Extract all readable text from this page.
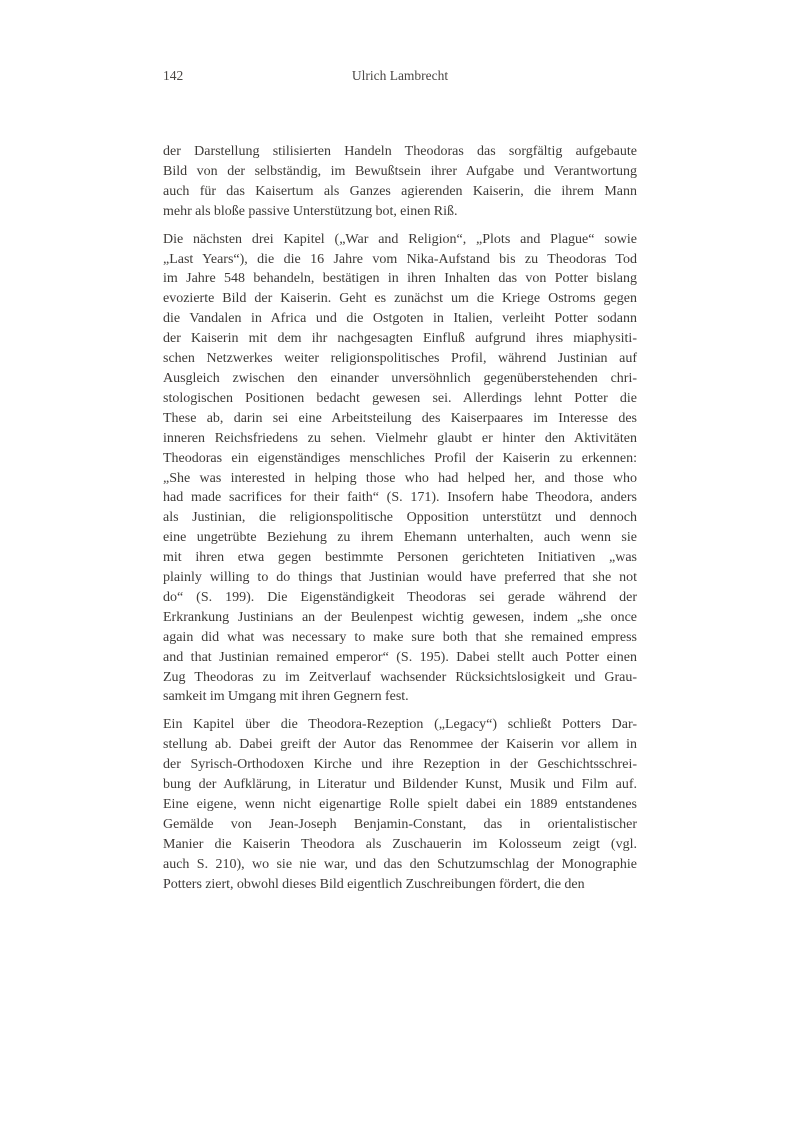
142	Ulrich Lambrecht

der Darstellung stilisierten Handeln Theodoras das sorgfältig aufgebaute
Bild von der selbständig, im Bewußtsein ihrer Aufgabe und Verantwortung
auch für das Kaisertum als Ganzes agierenden Kaiserin, die ihrem Mann
mehr als bloße passive Unterstützung bot, einen Riß.

Die nächsten drei Kapitel („War and Religion“, „Plots and Plague“ sowie
„Last Years“), die die 16 Jahre vom Nika-Aufstand bis zu Theodoras Tod
im Jahre 548 behandeln, bestätigen in ihren Inhalten das von Potter bislang
evozierte Bild der Kaiserin. Geht es zunächst um die Kriege Ostroms gegen
die Vandalen in Africa und die Ostgoten in Italien, verleiht Potter sodann
der Kaiserin mit dem ihr nachgesagten Einfluß aufgrund ihres miaphysiti-
schen Netzwerkes weiter religionspolitisches Profil, während Justinian auf
Ausgleich zwischen den einander unversöhnlich gegenüberstehenden chri-
stologischen Positionen bedacht gewesen sei. Allerdings lehnt Potter die
These ab, darin sei eine Arbeitsteilung des Kaiserpaares im Interesse des
inneren Reichsfriedens zu sehen. Vielmehr glaubt er hinter den Aktivitäten
Theodoras ein eigenständiges menschliches Profil der Kaiserin zu erkennen:
„She was interested in helping those who had helped her, and those who
had made sacrifices for their faith“ (S. 171). Insofern habe Theodora, anders
als Justinian, die religionspolitische Opposition unterstützt und dennoch
eine ungetrübte Beziehung zu ihrem Ehemann unterhalten, auch wenn sie
mit ihren etwa gegen bestimmte Personen gerichteten Initiativen „was
plainly willing to do things that Justinian would have preferred that she not
do“ (S. 199). Die Eigenständigkeit Theodoras sei gerade während der
Erkrankung Justinians an der Beulenpest wichtig gewesen, indem „she once
again did what was necessary to make sure both that she remained empress
and that Justinian remained emperor“ (S. 195). Dabei stellt auch Potter einen
Zug Theodoras zu im Zeitverlauf wachsender Rücksichtslosigkeit und Grau-
samkeit im Umgang mit ihren Gegnern fest.

Ein Kapitel über die Theodora-Rezeption („Legacy“) schließt Potters Dar-
stellung ab. Dabei greift der Autor das Renommee der Kaiserin vor allem in
der Syrisch-Orthodoxen Kirche und ihre Rezeption in der Geschichtsschrei-
bung der Aufklärung, in Literatur und Bildender Kunst, Musik und Film auf.
Eine eigene, wenn nicht eigenartige Rolle spielt dabei ein 1889 entstandenes
Gemälde von Jean-Joseph Benjamin-Constant, das in orientalistischer
Manier die Kaiserin Theodora als Zuschauerin im Kolosseum zeigt (vgl.
auch S. 210), wo sie nie war, und das den Schutzumschlag der Monographie
Potters ziert, obwohl dieses Bild eigentlich Zuschreibungen fördert, die den
